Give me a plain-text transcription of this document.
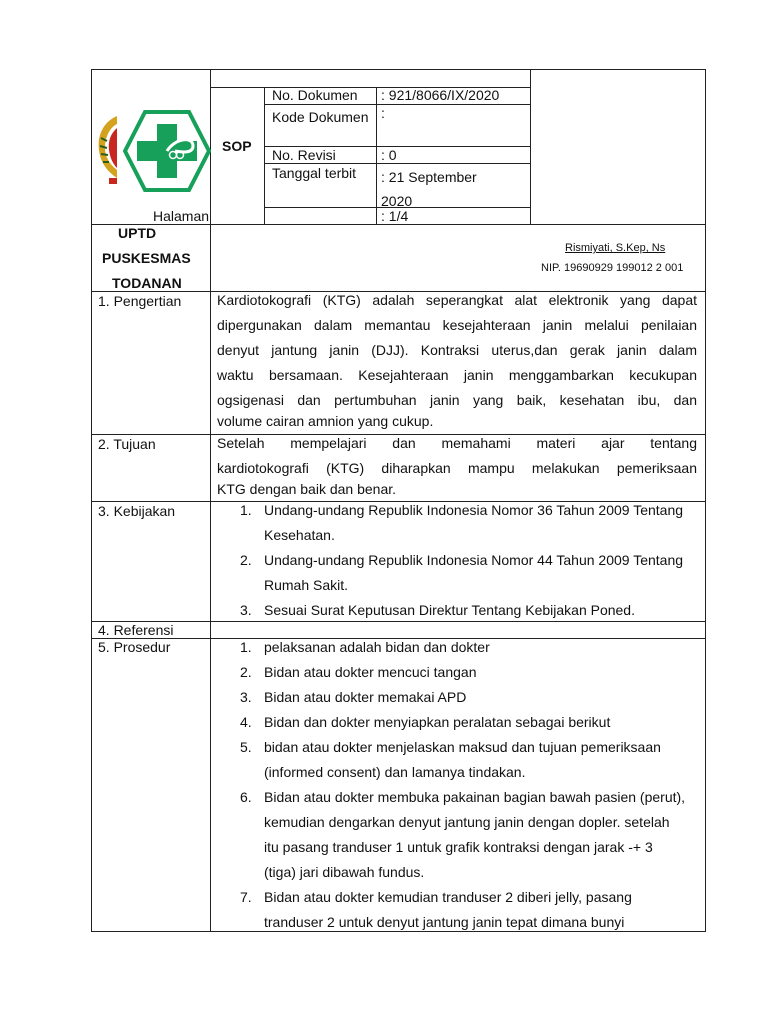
SOP
No. Dokumen : 921/8066/IX/2020
Kode Dokumen :
No. Revisi	: 0
Tanggal terbit : 21 September 2020
Halaman	: 1/4
UPTD
PUSKESMAS
TODANAN
Rismiyati, S.Kep, Ns
NIP. 19690929 199012 2 001
1. Pengertian
2. Tujuan
3. Kebijakan
4. Referensi
5. Prosedur
Kardiotokografi (KTG) adalah seperangkat alat elektronik yang dapat
dipergunakan dalam memantau kesejahteraan janin melalui penilaian
denyut jantung janin (DJJ). Kontraksi uterus,dan gerak janin dalam
waktu bersamaan. Kesejahteraan janin menggambarkan kecukupan
ogsigenasi dan pertumbuhan janin yang baik, kesehatan ibu, dan
volume cairan amnion yang cukup.
Setelah mempelajari dan memahami materi ajar tentang
kardiotokografi (KTG) diharapkan mampu melakukan pemeriksaan
KTG dengan baik dan benar.
1. Undang-undang Republik Indonesia Nomor 36 Tahun 2009 Tentang Kesehatan.
2. Undang-undang Republik Indonesia Nomor 44 Tahun 2009 Tentang Rumah Sakit.
3. Sesuai Surat Keputusan Direktur Tentang Kebijakan Poned.
1. pelaksanan adalah bidan dan dokter
2. Bidan atau dokter mencuci tangan
3. Bidan atau dokter memakai APD
4. Bidan dan dokter menyiapkan peralatan sebagai berikut
5. bidan atau dokter menjelaskan maksud dan tujuan pemeriksaan (informed consent) dan lamanya tindakan.
6. Bidan atau dokter membuka pakainan bagian bawah pasien (perut), kemudian dengarkan denyut jantung janin dengan dopler. setelah itu pasang tranduser 1 untuk grafik kontraksi dengan jarak -+ 3 (tiga) jari dibawah fundus.
7. Bidan atau dokter kemudian tranduser 2 diberi jelly, pasang tranduser 2 untuk denyut jantung janin tepat dimana bunyi
